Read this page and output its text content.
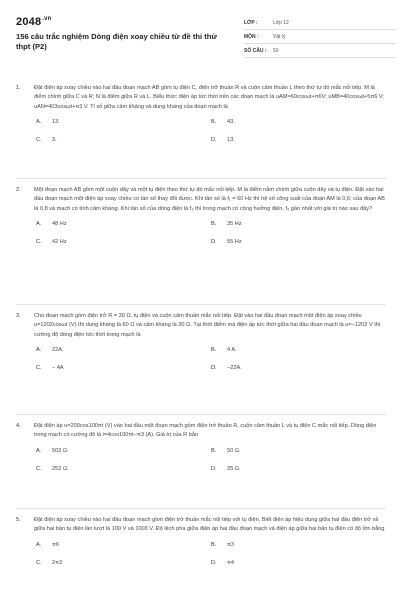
$2048^{.vn}$
156 câu trắc nghiệm Dòng điện xoay chiều từ đề thi thử thpt (P2)
LỚP :	Lớp 12
MÔN :	Vật lý
SỐ CÂU :	50
1.	Đặt điện áp xoay chiều vào hai đầu đoạn mạch AB gồm tụ điện C, điện trở thuần R và cuộn cảm thuần L theo thứ tự đó mắc nối tiếp. M là điểm chính giữa C và R; N là điểm giữa R và L. Biểu thức điện áp tức thời trên các đoạn mạch là uAM=60cosωt+π6V; uMB=40cosωt+5π6 V; uAN=403cosωt+π3 V. Tỉ số giữa cảm kháng và dung kháng của đoạn mạch là
A.	13.	B.	43.
C.	3.	D.	13.
2.	Một đoạn mạch AB gồm một cuộn dây và một tụ điện theo thứ tự đó mắc nối tiếp. M là điểm nằm chính giữa cuộn dây và tụ điện. Đặt vào hai đầu đoạn mạch một điện áp xoay chiều có tần số thay đổi được. Khi tần số là f₁ = 60 Hz thì hệ số công suất của đoạn AM là 0,6; của đoạn AB là 0,8 và mạch có tính cảm kháng. Khi tần số của dòng điện là f₂ thì trong mạch có cộng hưởng điện, f₂ gần nhất với giá trị nào sau đây?
A.	48 Hz	B.	35 Hz
C.	42 Hz	D.	55 Hz
3.	Cho đoạn mạch gồm điện trở R = 30 Ω, tụ điện và cuộn cảm thuần mắc nối tiếp. Đặt vào hai đầu đoạn mạch một điện áp xoay chiều u=1202cosωt (V) thì dung kháng là 60 Ω và cảm kháng là 30 Ω. Tại thời điểm mà điện áp tức thời giữa hai đầu đoạn mạch là u=−1202 V thì cường độ dòng điện tức thời trong mạch là
A.	22A.	B.	4 A.
C.	− 4A	D.	−22A.
4.	Đặt điện áp u=200cos100πt (V) vào hai đầu một đoạn mạch gồm điện trở thuần R, cuộn cảm thuần L và tụ điện C mắc nối tiếp. Dòng điện trong mạch có cường độ là i=4cos100πt−π3 (A). Giá trị của R bằn
A.	502 Ω.	B.	50 Ω.
C.	252 Ω.	D.	25 Ω.
5.	Đặt điện áp xoay chiều vào hai đầu đoạn mạch gồm điện trở thuần mắc nối tiếp với tụ điện. Biết điện áp hiệu dụng giữa hai đầu điện trở và giữa hai bản tụ điện lần lượt là 100 V và 1003 V. Độ lệch pha giữa điện áp hai đầu đoạn mạch và điện áp giữa hai bản tụ điện có độ lớn bằng
A.	π6	B.	π3
C.	2π3	D.	π4
